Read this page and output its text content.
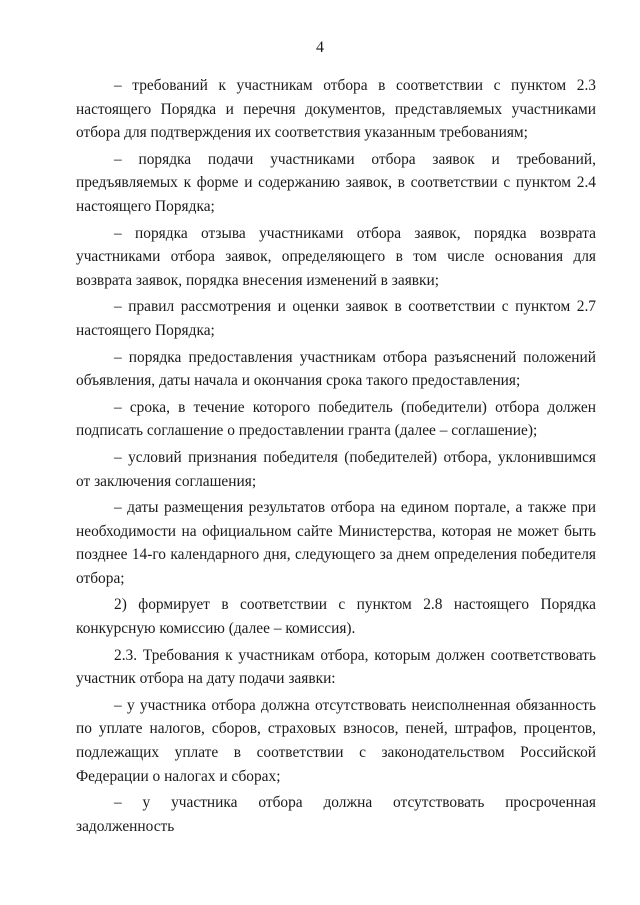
4

– требований к участникам отбора в соответствии с пунктом 2.3 настоящего Порядка и перечня документов, представляемых участниками отбора для подтверждения их соответствия указанным требованиям;

– порядка подачи участниками отбора заявок и требований, предъявляемых к форме и содержанию заявок, в соответствии с пунктом 2.4 настоящего Порядка;

– порядка отзыва участниками отбора заявок, порядка возврата участниками отбора заявок, определяющего в том числе основания для возврата заявок, порядка внесения изменений в заявки;

– правил рассмотрения и оценки заявок в соответствии с пунктом 2.7 настоящего Порядка;

– порядка предоставления участникам отбора разъяснений положений объявления, даты начала и окончания срока такого предоставления;

– срока, в течение которого победитель (победители) отбора должен подписать соглашение о предоставлении гранта (далее – соглашение);

– условий признания победителя (победителей) отбора, уклонившимся от заключения соглашения;

– даты размещения результатов отбора на едином портале, а также при необходимости на официальном сайте Министерства, которая не может быть позднее 14-го календарного дня, следующего за днем определения победителя отбора;

2) формирует в соответствии с пунктом 2.8 настоящего Порядка конкурсную комиссию (далее – комиссия).

2.3. Требования к участникам отбора, которым должен соответствовать участник отбора на дату подачи заявки:

– у участника отбора должна отсутствовать неисполненная обязанность по уплате налогов, сборов, страховых взносов, пеней, штрафов, процентов, подлежащих уплате в соответствии с законодательством Российской Федерации о налогах и сборах;

– у участника отбора должна отсутствовать просроченная задолженность
